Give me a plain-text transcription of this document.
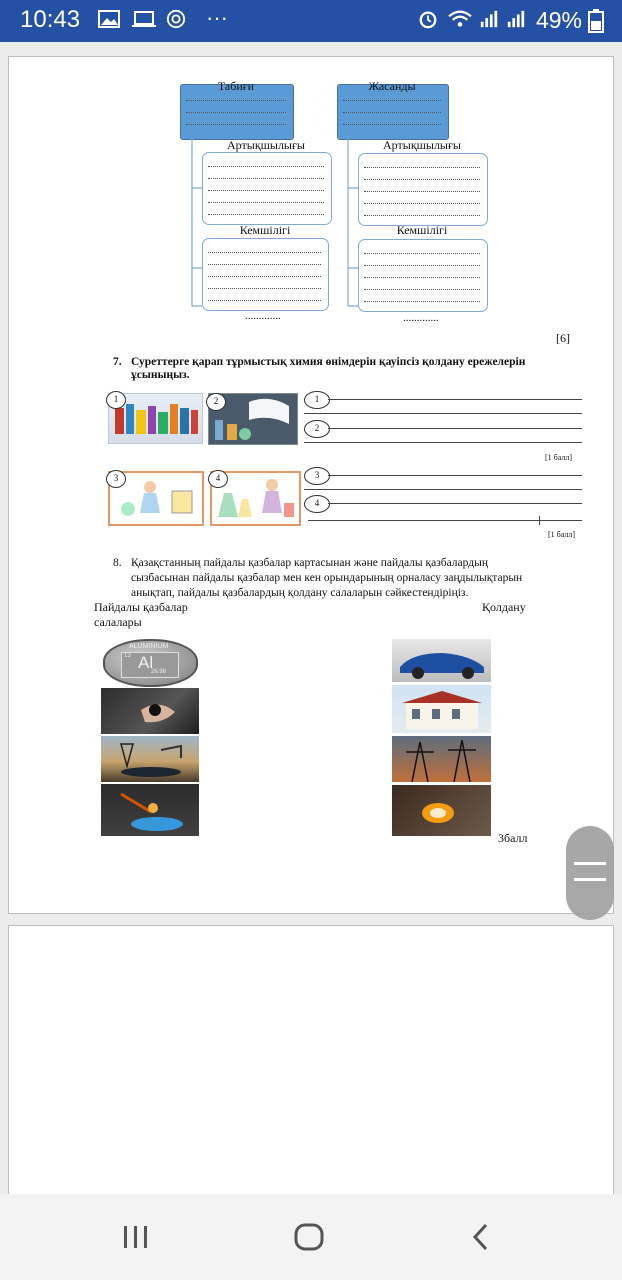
10:43	···	49%
Табиғи	Жасанды
Артықшылығы	Артықшылығы
Кемшілігі	Кемшілігі
.............	.............
[6]
7. Суреттерге қарап тұрмыстық химия өнімдерін қауіпсіз қолдану ережелерін
ұсыныңыз.
1	2	1
2
[1 балл]
3	4	3
4
[1 балл]
8. Қазақстанның пайдалы қазбалар картасынан және пайдалы қазбалардың
сызбасынан пайдалы қазбалар мен кен орындарының орналасу заңдылықтарын
анықтап, пайдалы қазбалардың қолдану салаларын сәйкестендіріңіз.
Пайдалы қазбалар
салалары
Қолдану
ALUMINIUM
13 Al
26.98
3балл
